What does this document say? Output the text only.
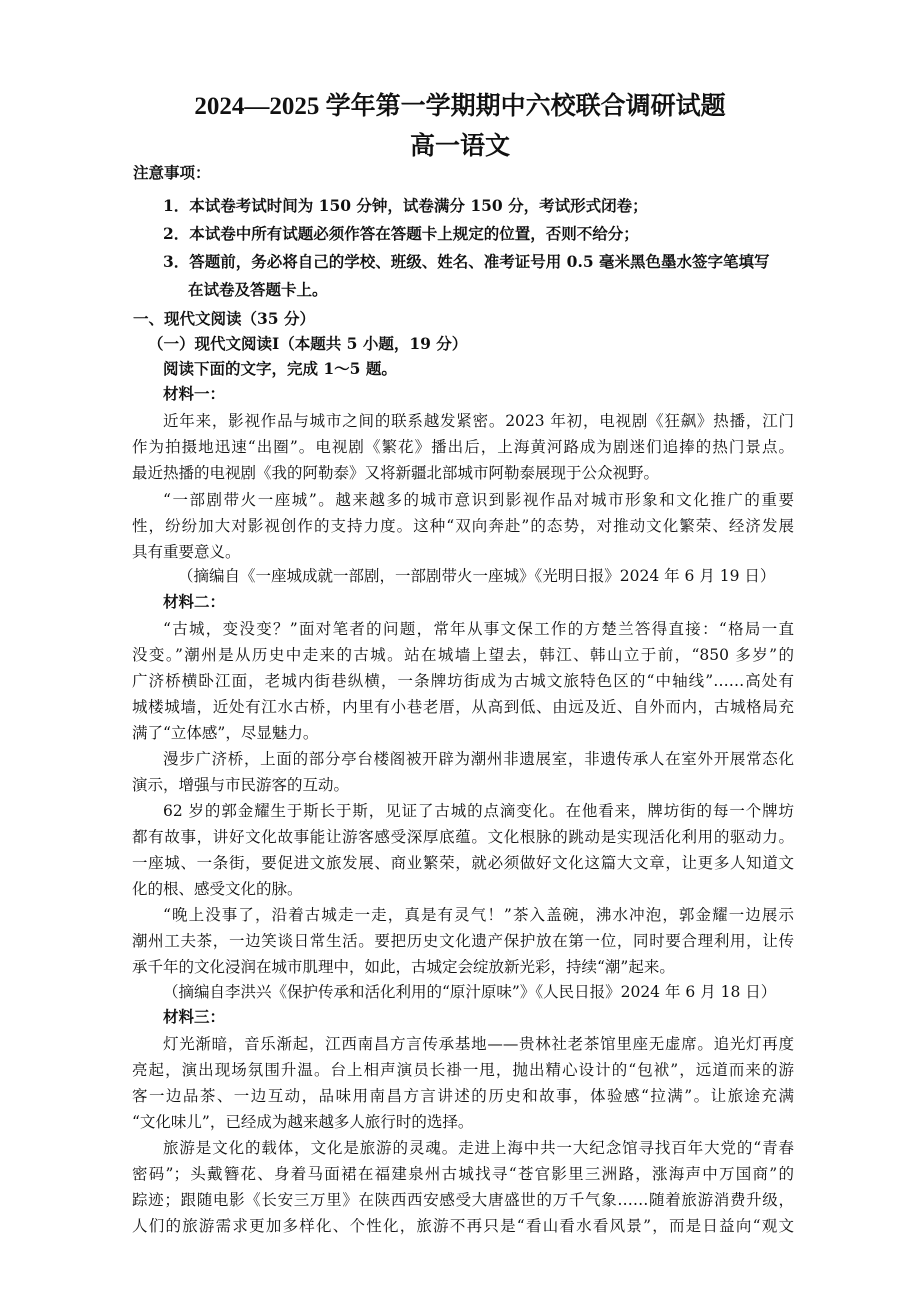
2024—2025 学年第一学期期中六校联合调研试题
高一语文
注意事项：
1．本试卷考试时间为 150 分钟，试卷满分 150 分，考试形式闭卷；
2．本试卷中所有试题必须作答在答题卡上规定的位置，否则不给分；
3．答题前，务必将自己的学校、班级、姓名、准考证号用 0.5 毫米黑色墨水签字笔填写
在试卷及答题卡上。
一、现代文阅读（35 分）
（一）现代文阅读Ⅰ（本题共 5 小题，19 分）
阅读下面的文字，完成 1～5 题。
材料一：
近年来，影视作品与城市之间的联系越发紧密。2023 年初，电视剧《狂飙》热播，江门
作为拍摄地迅速“出圈”。电视剧《繁花》播出后，上海黄河路成为剧迷们追捧的热门景点。
最近热播的电视剧《我的阿勒泰》又将新疆北部城市阿勒泰展现于公众视野。
“一部剧带火一座城”。越来越多的城市意识到影视作品对城市形象和文化推广的重要
性，纷纷加大对影视创作的支持力度。这种“双向奔赴”的态势，对推动文化繁荣、经济发展
具有重要意义。
（摘编自《一座城成就一部剧，一部剧带火一座城》《光明日报》2024 年 6 月 19 日）
材料二：
“古城，变没变？”面对笔者的问题，常年从事文保工作的方楚兰答得直接：“格局一直
没变。”潮州是从历史中走来的古城。站在城墙上望去，韩江、韩山立于前，“850 多岁”的
广济桥横卧江面，老城内街巷纵横，一条牌坊街成为古城文旅特色区的“中轴线”……高处有
城楼城墙，近处有江水古桥，内里有小巷老厝，从高到低、由远及近、自外而内，古城格局充
满了“立体感”，尽显魅力。
漫步广济桥，上面的部分亭台楼阁被开辟为潮州非遗展室，非遗传承人在室外开展常态化
演示，增强与市民游客的互动。
62 岁的郭金耀生于斯长于斯，见证了古城的点滴变化。在他看来，牌坊街的每一个牌坊
都有故事，讲好文化故事能让游客感受深厚底蕴。文化根脉的跳动是实现活化利用的驱动力。
一座城、一条街，要促进文旅发展、商业繁荣，就必须做好文化这篇大文章，让更多人知道文
化的根、感受文化的脉。
“晚上没事了，沿着古城走一走，真是有灵气！”茶入盖碗，沸水冲泡，郭金耀一边展示
潮州工夫茶，一边笑谈日常生活。要把历史文化遗产保护放在第一位，同时要合理利用，让传
承千年的文化浸润在城市肌理中，如此，古城定会绽放新光彩，持续“潮”起来。
（摘编自李洪兴《保护传承和活化利用的“原汁原味”》《人民日报》2024 年 6 月 18 日）
材料三：
灯光渐暗，音乐渐起，江西南昌方言传承基地——贵林社老茶馆里座无虚席。追光灯再度
亮起，演出现场氛围升温。台上相声演员长褂一甩，抛出精心设计的“包袱”，远道而来的游
客一边品茶、一边互动，品味用南昌方言讲述的历史和故事，体验感“拉满”。让旅途充满
“文化味儿”，已经成为越来越多人旅行时的选择。
旅游是文化的载体，文化是旅游的灵魂。走进上海中共一大纪念馆寻找百年大党的“青春
密码”；头戴簪花、身着马面裙在福建泉州古城找寻“苍官影里三洲路，涨海声中万国商”的
踪迹；跟随电影《长安三万里》在陕西西安感受大唐盛世的万千气象……随着旅游消费升级，
人们的旅游需求更加多样化、个性化，旅游不再只是“看山看水看风景”，而是日益向“观文
